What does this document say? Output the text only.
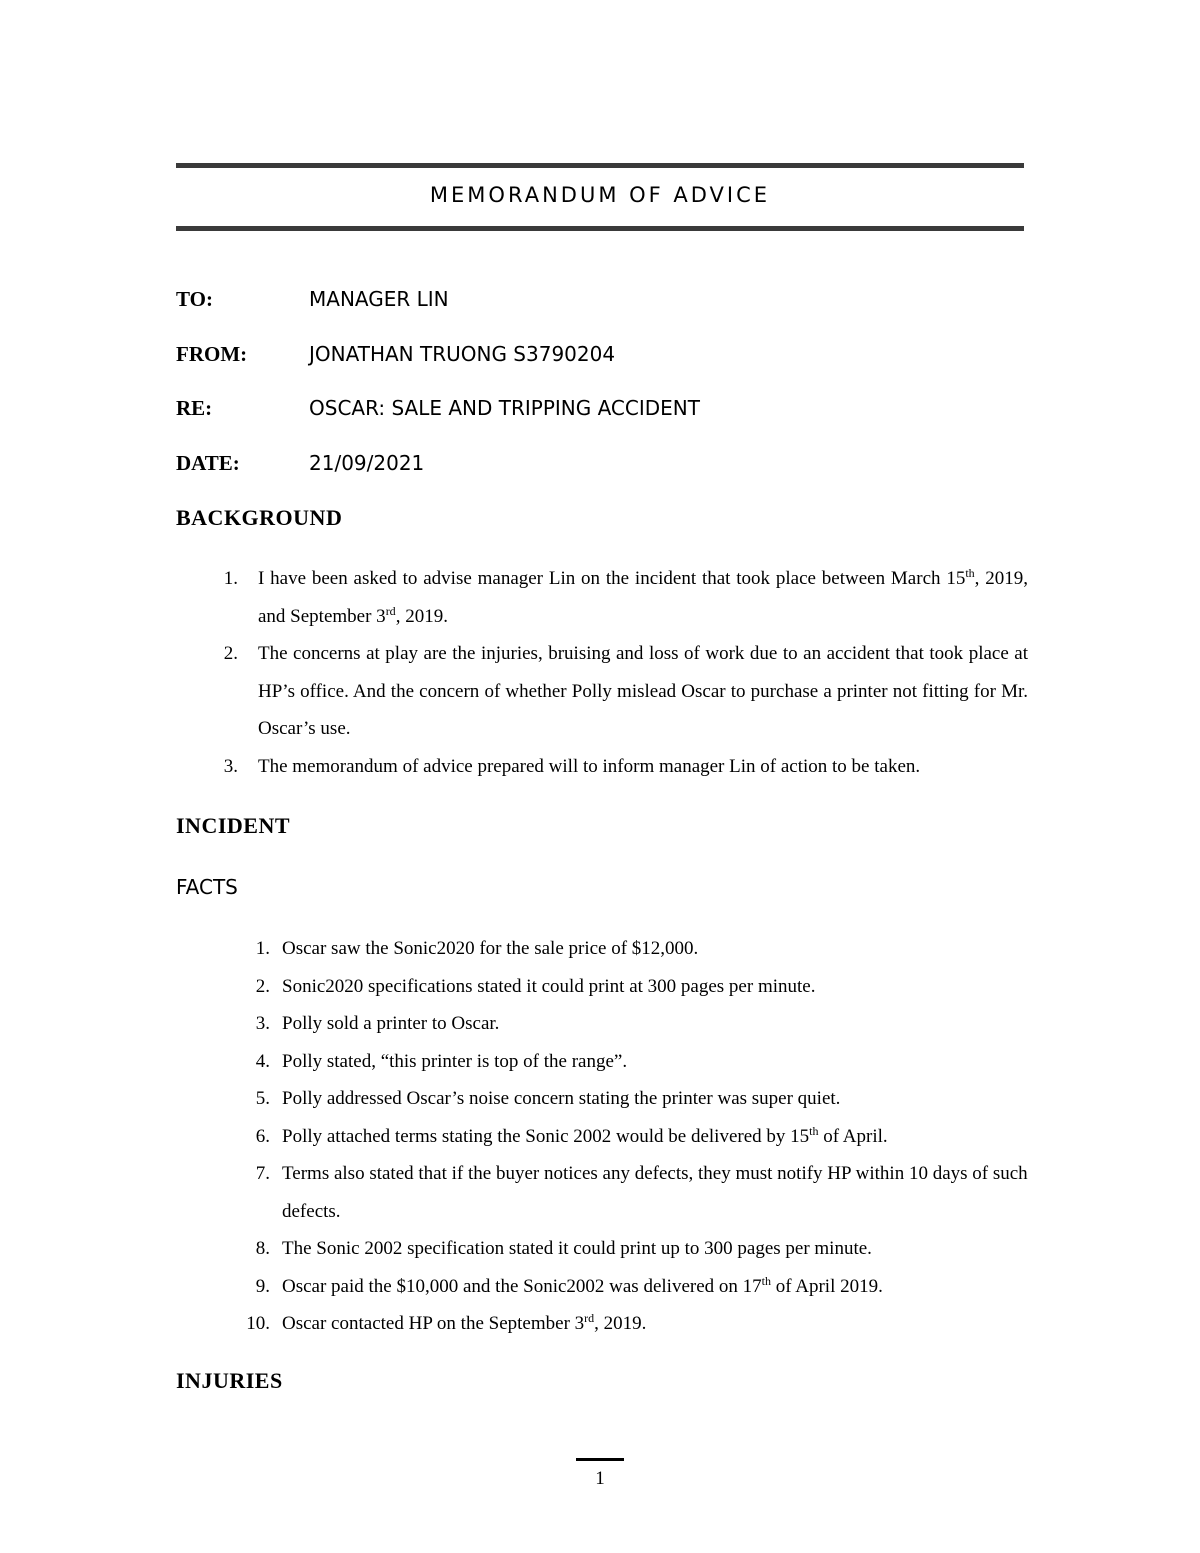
MEMORANDUM OF ADVICE
TO:	MANAGER LIN
FROM:	JONATHAN TRUONG S3790204
RE:	OSCAR: SALE AND TRIPPING ACCIDENT
DATE:	21/09/2021
BACKGROUND
1. I have been asked to advise manager Lin on the incident that took place between March 15th, 2019, and September 3rd, 2019.
2. The concerns at play are the injuries, bruising and loss of work due to an accident that took place at HP’s office. And the concern of whether Polly mislead Oscar to purchase a printer not fitting for Mr. Oscar’s use.
3. The memorandum of advice prepared will to inform manager Lin of action to be taken.
INCIDENT
FACTS
1. Oscar saw the Sonic2020 for the sale price of $12,000.
2. Sonic2020 specifications stated it could print at 300 pages per minute.
3. Polly sold a printer to Oscar.
4. Polly stated, “this printer is top of the range”.
5. Polly addressed Oscar’s noise concern stating the printer was super quiet.
6. Polly attached terms stating the Sonic 2002 would be delivered by 15th of April.
7. Terms also stated that if the buyer notices any defects, they must notify HP within 10 days of such defects.
8. The Sonic 2002 specification stated it could print up to 300 pages per minute.
9. Oscar paid the $10,000 and the Sonic2002 was delivered on 17th of April 2019.
10. Oscar contacted HP on the September 3rd, 2019.
INJURIES
1
